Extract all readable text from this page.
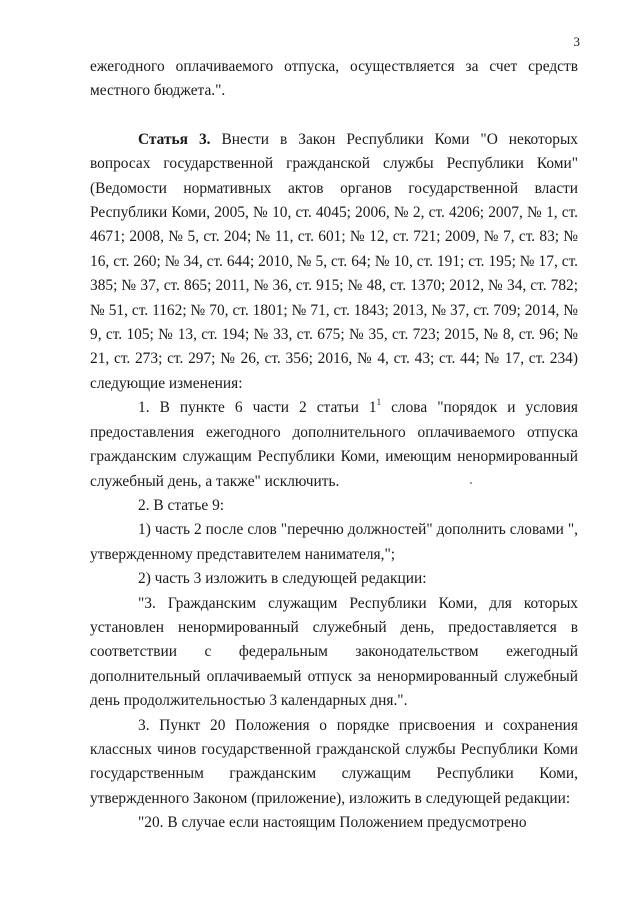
3

ежегодного оплачиваемого отпуска, осуществляется за счет средств местного бюджета.".

Статья 3. Внести в Закон Республики Коми "О некоторых вопросах государственной гражданской службы Республики Коми" (Ведомости нормативных актов органов государственной власти Республики Коми, 2005, № 10, ст. 4045; 2006, № 2, ст. 4206; 2007, № 1, ст. 4671; 2008, № 5, ст. 204; № 11, ст. 601; № 12, ст. 721; 2009, № 7, ст. 83; № 16, ст. 260; № 34, ст. 644; 2010, № 5, ст. 64; № 10, ст. 191; ст. 195; № 17, ст. 385; № 37, ст. 865; 2011, № 36, ст. 915; № 48, ст. 1370; 2012, № 34, ст. 782; № 51, ст. 1162; № 70, ст. 1801; № 71, ст. 1843; 2013, № 37, ст. 709; 2014, № 9, ст. 105; № 13, ст. 194; № 33, ст. 675; № 35, ст. 723; 2015, № 8, ст. 96; № 21, ст. 273; ст. 297; № 26, ст. 356; 2016, № 4, ст. 43; ст. 44; № 17, ст. 234) следующие изменения:

1. В пункте 6 части 2 статьи $1^1$ слова "порядок и условия предоставления ежегодного дополнительного оплачиваемого отпуска гражданским служащим Республики Коми, имеющим ненормированный служебный день, а также" исключить.

2. В статье 9:

1) часть 2 после слов "перечню должностей" дополнить словами ", утвержденному представителем нанимателя,";

2) часть 3 изложить в следующей редакции:

"3. Гражданским служащим Республики Коми, для которых установлен ненормированный служебный день, предоставляется в соответствии с федеральным законодательством ежегодный дополнительный оплачиваемый отпуск за ненормированный служебный день продолжительностью 3 календарных дня.".

3. Пункт 20 Положения о порядке присвоения и сохранения классных чинов государственной гражданской службы Республики Коми государственным гражданским служащим Республики Коми, утвержденного Законом (приложение), изложить в следующей редакции:

"20. В случае если настоящим Положением предусмотрено
